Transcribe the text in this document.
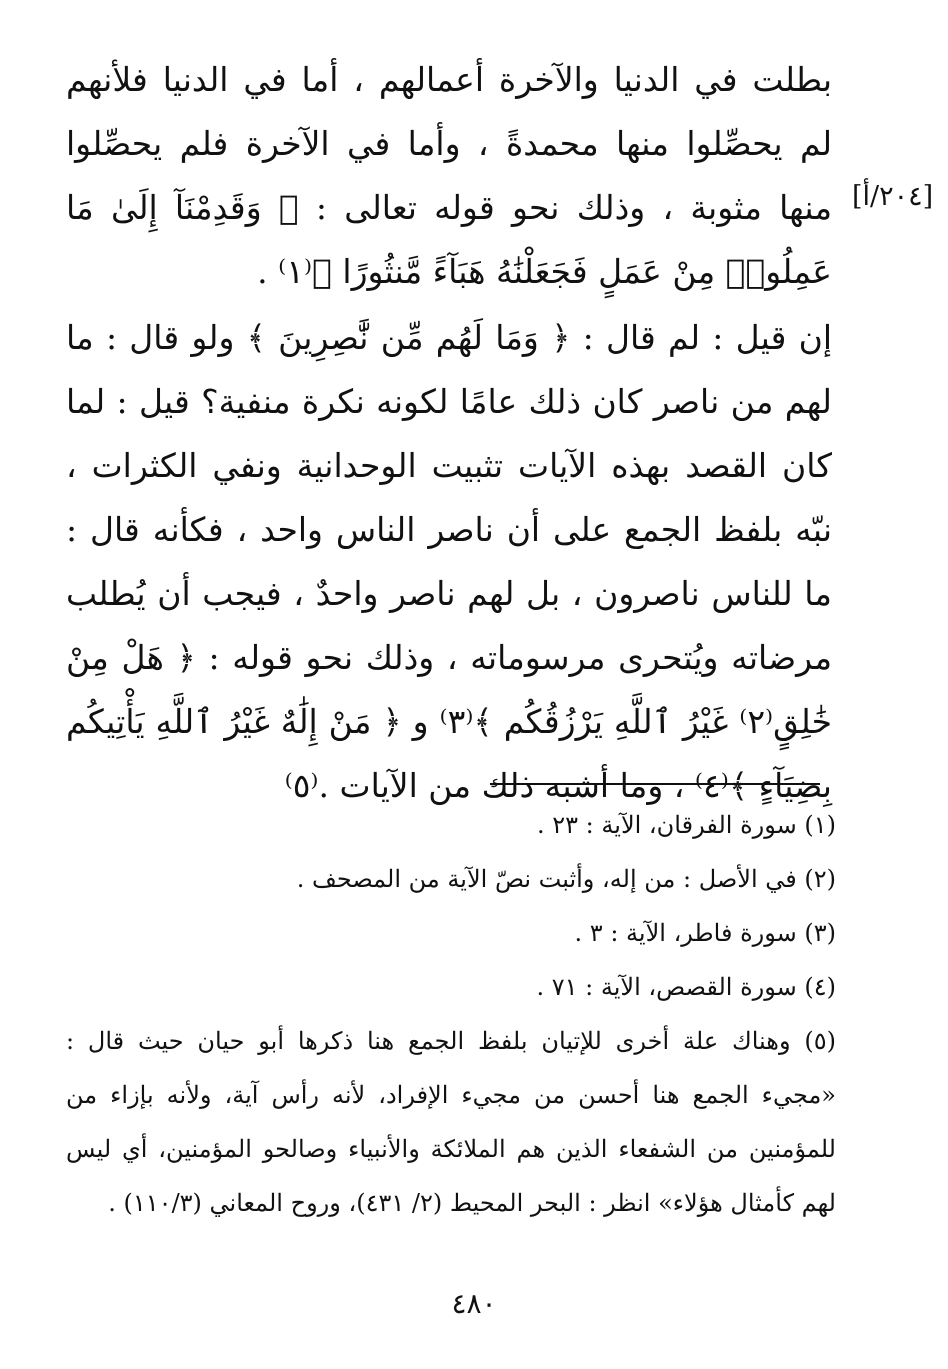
[٢٠٤/أ]

بطلت في الدنيا والآخرة أعمالهم ، أما في الدنيا فلأنهم لم يحصِّلوا منها محمدةً ، وأما في الآخرة فلم يحصِّلوا منها مثوبة ، وذلك نحو قوله تعالى : ﴿ وَقَدِمْنَآ إِلَىٰ مَا عَمِلُوا۟ مِنْ عَمَلٍ فَجَعَلْنَٰهُ هَبَآءً مَّنثُورًا ﴾⁽١⁾ .

إن قيل : لم قال : ﴿ وَمَا لَهُم مِّن نَّٰصِرِينَ ﴾ ولو قال : ما لهم من ناصر كان ذلك عامًا لكونه نكرة منفية؟ قيل : لما كان القصد بهذه الآيات تثبيت الوحدانية ونفي الكثرات ، نبّه بلفظ الجمع على أن ناصر الناس واحد ، فكأنه قال : ما للناس ناصرون ، بل لهم ناصر واحدٌ ، فيجب أن يُطلب مرضاته ويُتحرى مرسوماته ، وذلك نحو قوله : ﴿ هَلْ مِنْ خَٰلِقٍ⁽٢⁾ غَيْرُ ٱللَّهِ يَرْزُقُكُم ﴾⁽٣⁾ و ﴿ مَنْ إِلَٰهٌ غَيْرُ ٱللَّهِ يَأْتِيكُم بِضِيَآءٍ ﴾⁽٤⁾ ، وما أشبه ذلك من الآيات .⁽٥⁾

(١) سورة الفرقان، الآية : ٢٣ .
(٢) في الأصل : من إله، وأثبت نصّ الآية من المصحف .
(٣) سورة فاطر، الآية : ٣ .
(٤) سورة القصص، الآية : ٧١ .
(٥) وهناك علة أخرى للإتيان بلفظ الجمع هنا ذكرها أبو حيان حيث قال : «مجيء الجمع هنا أحسن من مجيء الإفراد، لأنه رأس آية، ولأنه بإزاء من للمؤمنين من الشفعاء الذين هم الملائكة والأنبياء وصالحو المؤمنين، أي ليس لهم كأمثال هؤلاء» انظر : البحر المحيط (٢/ ٤٣١)، وروح المعاني (١١٠/٣) .
٤٨٠
